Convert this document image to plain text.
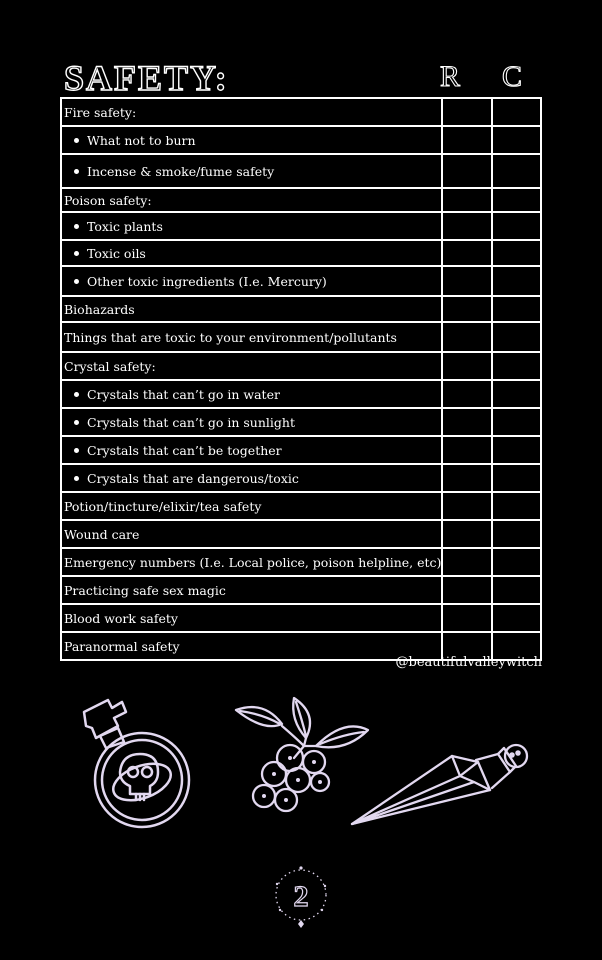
SAFETY:	R C
Fire safety:		
What not to burn		
Incense & smoke/fume safety		
Poison safety:		
Toxic plants		
Toxic oils		
Other toxic ingredients (I.e. Mercury)		
Biohazards		
Things that are toxic to your environment/pollutants		
Crystal safety:		
Crystals that can’t go in water		
Crystals that can’t go in sunlight		
Crystals that can’t be together		
Crystals that are dangerous/toxic		
Potion/tincture/elixir/tea safety		
Wound care		
Emergency numbers (I.e. Local police, poison helpline, etc)		
Practicing safe sex magic		
Blood work safety		
Paranormal safety		
@beautifulvalleywitch
2
